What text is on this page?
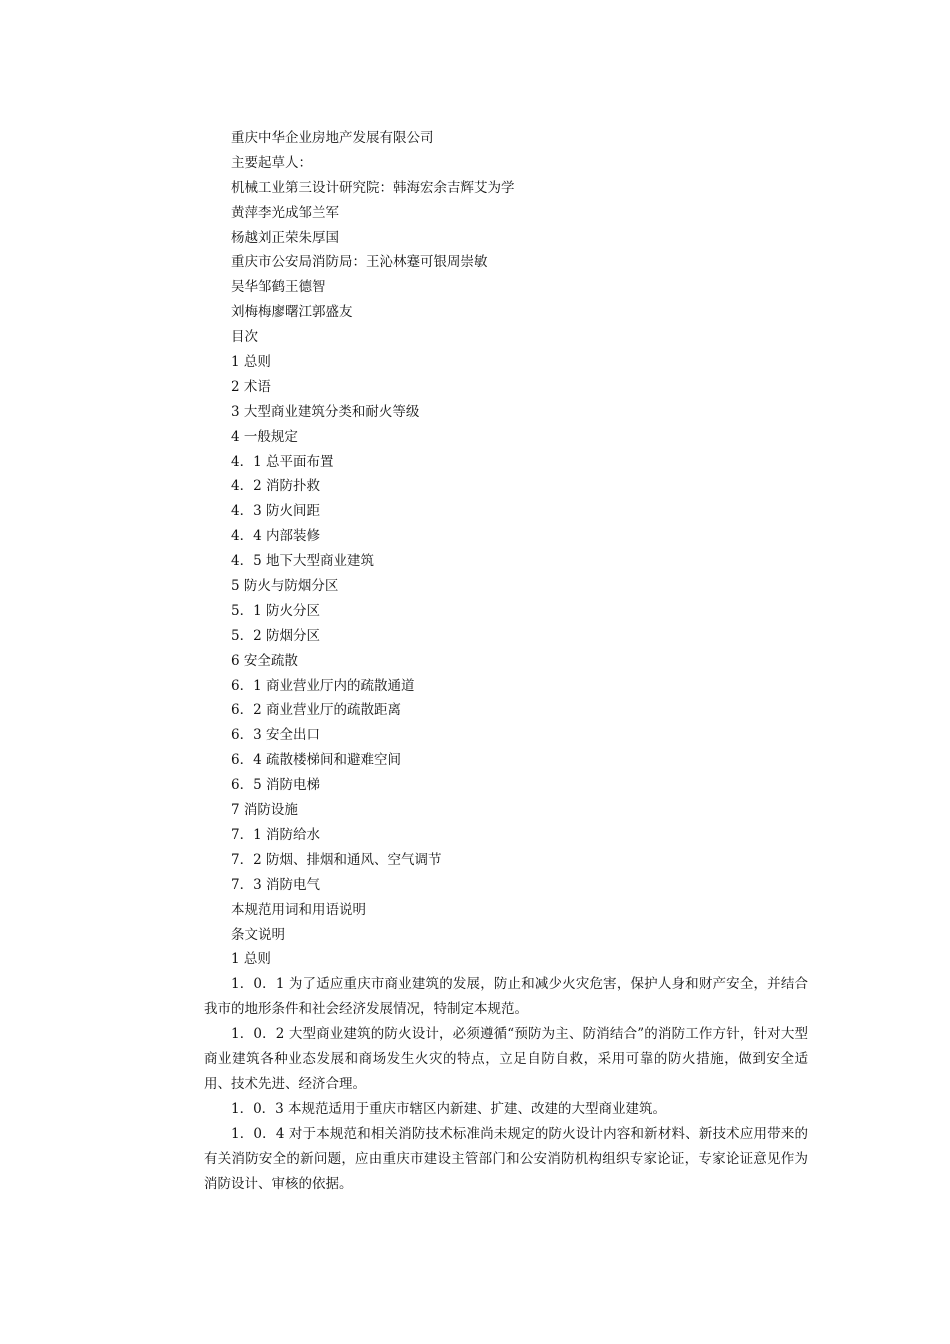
重庆中华企业房地产发展有限公司
主要起草人：
机械工业第三设计研究院：韩海宏余吉辉艾为学
黄萍李光成邹兰军
杨越刘正荣朱厚国
重庆市公安局消防局：王沁林蹇可银周崇敏
吴华邹鹤王德智
刘梅梅廖曙江郭盛友
目次
1 总则
2 术语
3 大型商业建筑分类和耐火等级
4 一般规定
4．1 总平面布置
4．2 消防扑救
4．3 防火间距
4．4 内部装修
4．5 地下大型商业建筑
5 防火与防烟分区
5．1 防火分区
5．2 防烟分区
6 安全疏散
6．1 商业营业厅内的疏散通道
6．2 商业营业厅的疏散距离
6．3 安全出口
6．4 疏散楼梯间和避难空间
6．5 消防电梯
7 消防设施
7．1 消防给水
7．2 防烟、排烟和通风、空气调节
7．3 消防电气
本规范用词和用语说明
条文说明
1 总则

1．0．1 为了适应重庆市商业建筑的发展，防止和减少火灾危害，保护人身和财产安全，并结合我市的地形条件和社会经济发展情况，特制定本规范。

1．0．2 大型商业建筑的防火设计，必须遵循“预防为主、防消结合”的消防工作方针，针对大型商业建筑各种业态发展和商场发生火灾的特点，立足自防自救，采用可靠的防火措施，做到安全适用、技术先进、经济合理。

1．0．3 本规范适用于重庆市辖区内新建、扩建、改建的大型商业建筑。

1．0．4 对于本规范和相关消防技术标准尚未规定的防火设计内容和新材料、新技术应用带来的有关消防安全的新问题，应由重庆市建设主管部门和公安消防机构组织专家论证，专家论证意见作为消防设计、审核的依据。
